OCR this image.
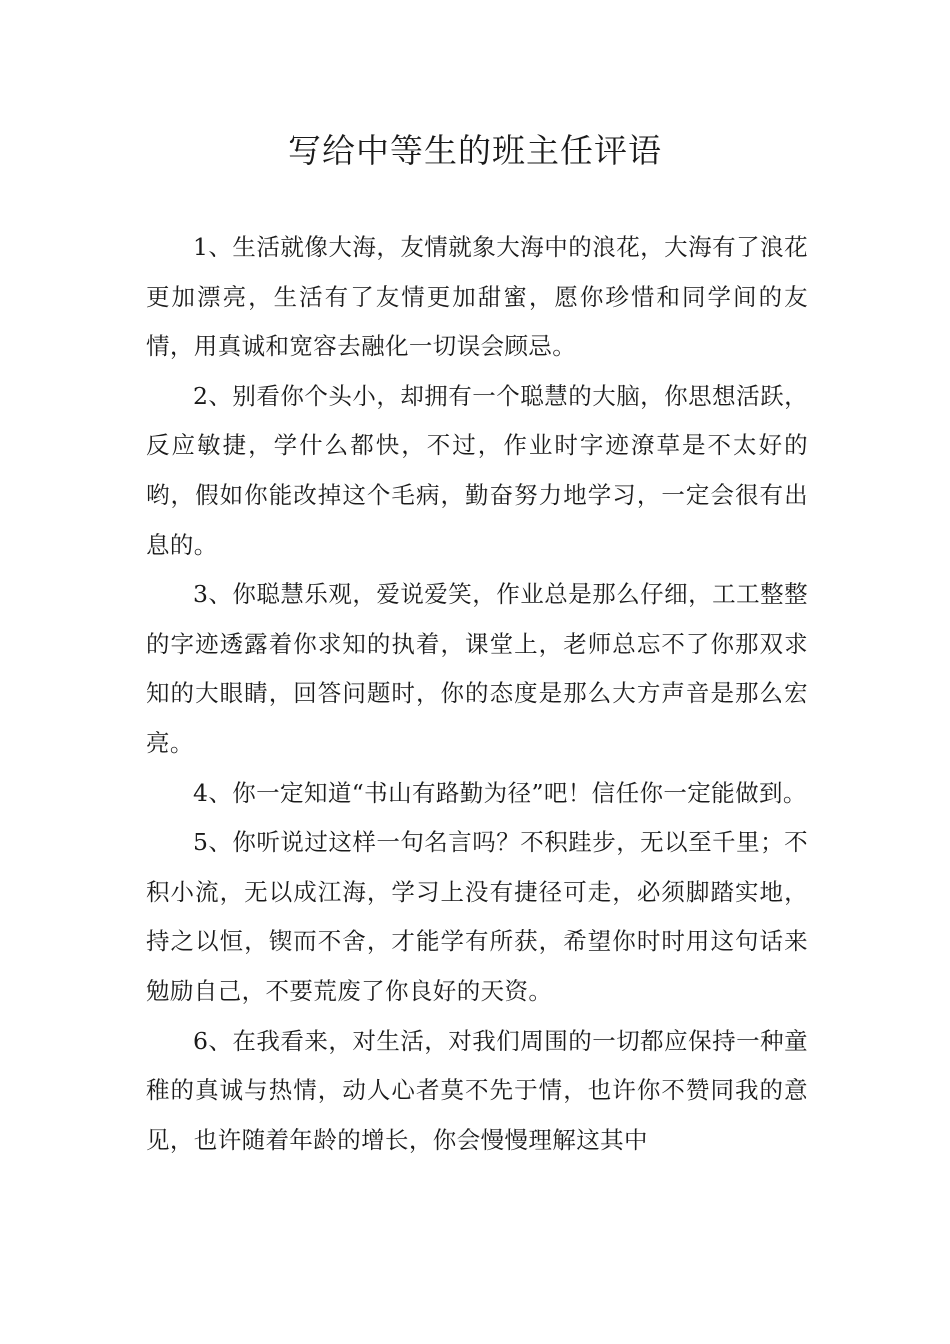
写给中等生的班主任评语

1、生活就像大海，友情就象大海中的浪花，大海有了浪花更加漂亮，生活有了友情更加甜蜜，愿你珍惜和同学间的友情，用真诚和宽容去融化一切误会顾忌。

2、别看你个头小，却拥有一个聪慧的大脑，你思想活跃，反应敏捷，学什么都快，不过，作业时字迹潦草是不太好的哟，假如你能改掉这个毛病，勤奋努力地学习，一定会很有出息的。

3、你聪慧乐观，爱说爱笑，作业总是那么仔细，工工整整的字迹透露着你求知的执着，课堂上，老师总忘不了你那双求知的大眼睛，回答问题时，你的态度是那么大方声音是那么宏亮。

4、你一定知道“书山有路勤为径”吧！信任你一定能做到。

5、你听说过这样一句名言吗？不积跬步，无以至千里；不积小流，无以成江海，学习上没有捷径可走，必须脚踏实地，持之以恒，锲而不舍，才能学有所获，希望你时时用这句话来勉励自己，不要荒废了你良好的天资。

6、在我看来，对生活，对我们周围的一切都应保持一种童稚的真诚与热情，动人心者莫不先于情，也许你不赞同我的意见，也许随着年龄的增长，你会慢慢理解这其中
